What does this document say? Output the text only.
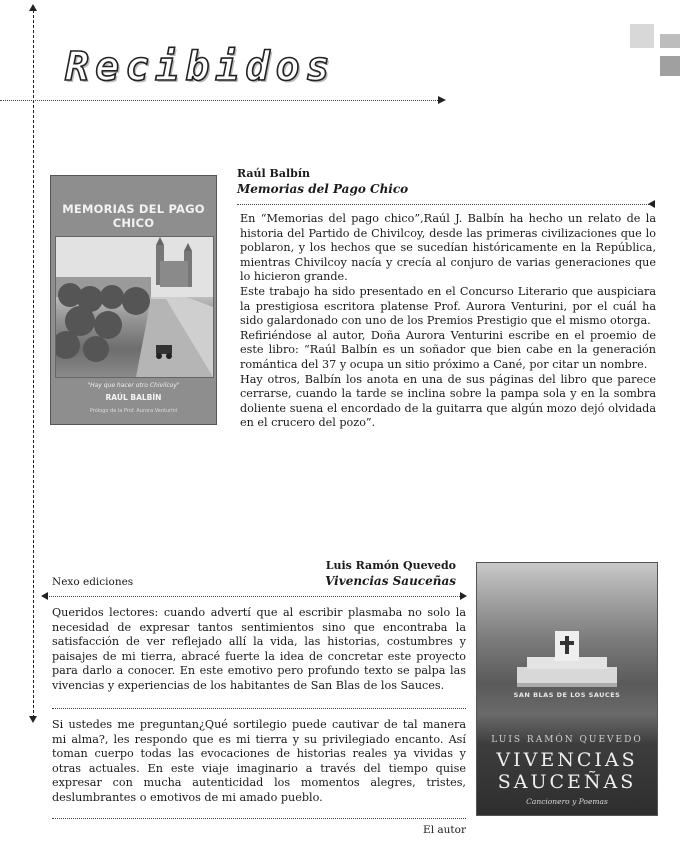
Recibidos
MEMORIAS DEL PAGO CHICO
"Hay que hacer otro Chivilcoy"
RAÚL BALBÍN
Prólogo de la Prof. Aurora Venturini

Raúl Balbín

Memorias del Pago Chico

En “Memorias del pago chico”,Raúl J. Balbín ha hecho un relato de la historia del Partido de Chivilcoy, desde las primeras civilizaciones que lo poblaron, y los hechos que se sucedían históricamente en la República, mientras Chivilcoy nacía y crecía al conjuro de varias generaciones que lo hicieron grande.

Este trabajo ha sido presentado en el Concurso Literario que auspiciara la prestigiosa escritora platense Prof. Aurora Venturini, por el cuál ha sido galardonado con uno de los Premios Prestigio que el mismo otorga.

Refiriéndose al autor, Doña Aurora Venturini escribe en el proemio de este libro: “Raúl Balbín es un soñador que bien cabe en la generación romántica del 37 y ocupa un sitio próximo a Cané, por citar un nombre.

Hay otros, Balbín los anota en una de sus páginas del libro que parece cerrarse, cuando la tarde se inclina sobre la pampa sola y en la sombra doliente suena el encordado de la guitarra que algún mozo dejó olvidada en el crucero del pozo”.

Luis Ramón Quevedo

Vivencias Sauceñas

Nexo ediciones

Queridos lectores: cuando advertí que al escribir plasmaba no solo la necesidad de expresar tantos sentimientos sino que encontraba la satisfacción de ver reflejado allí la vida, las historias, costumbres y paisajes de mi tierra, abracé fuerte la idea de concretar este proyecto para darlo a conocer. En este emotivo pero profundo texto se palpa las vivencias y experiencias de los habitantes de San Blas de los Sauces.

Si ustedes me preguntan¿Qué sortilegio puede cautivar de tal manera mi alma?, les respondo que es mi tierra y su privilegiado encanto. Así toman cuerpo todas las evocaciones de historias reales ya vividas y otras actuales. En este viaje imaginario a través del tiempo quise expresar con mucha autenticidad los momentos alegres, tristes, deslumbrantes o emotivos de mi amado pueblo.

El autor

SAN BLAS DE LOS SAUCES
LUIS RAMÓN QUEVEDO
VIVENCIAS
SAUCEÑAS
Cancionero y Poemas
